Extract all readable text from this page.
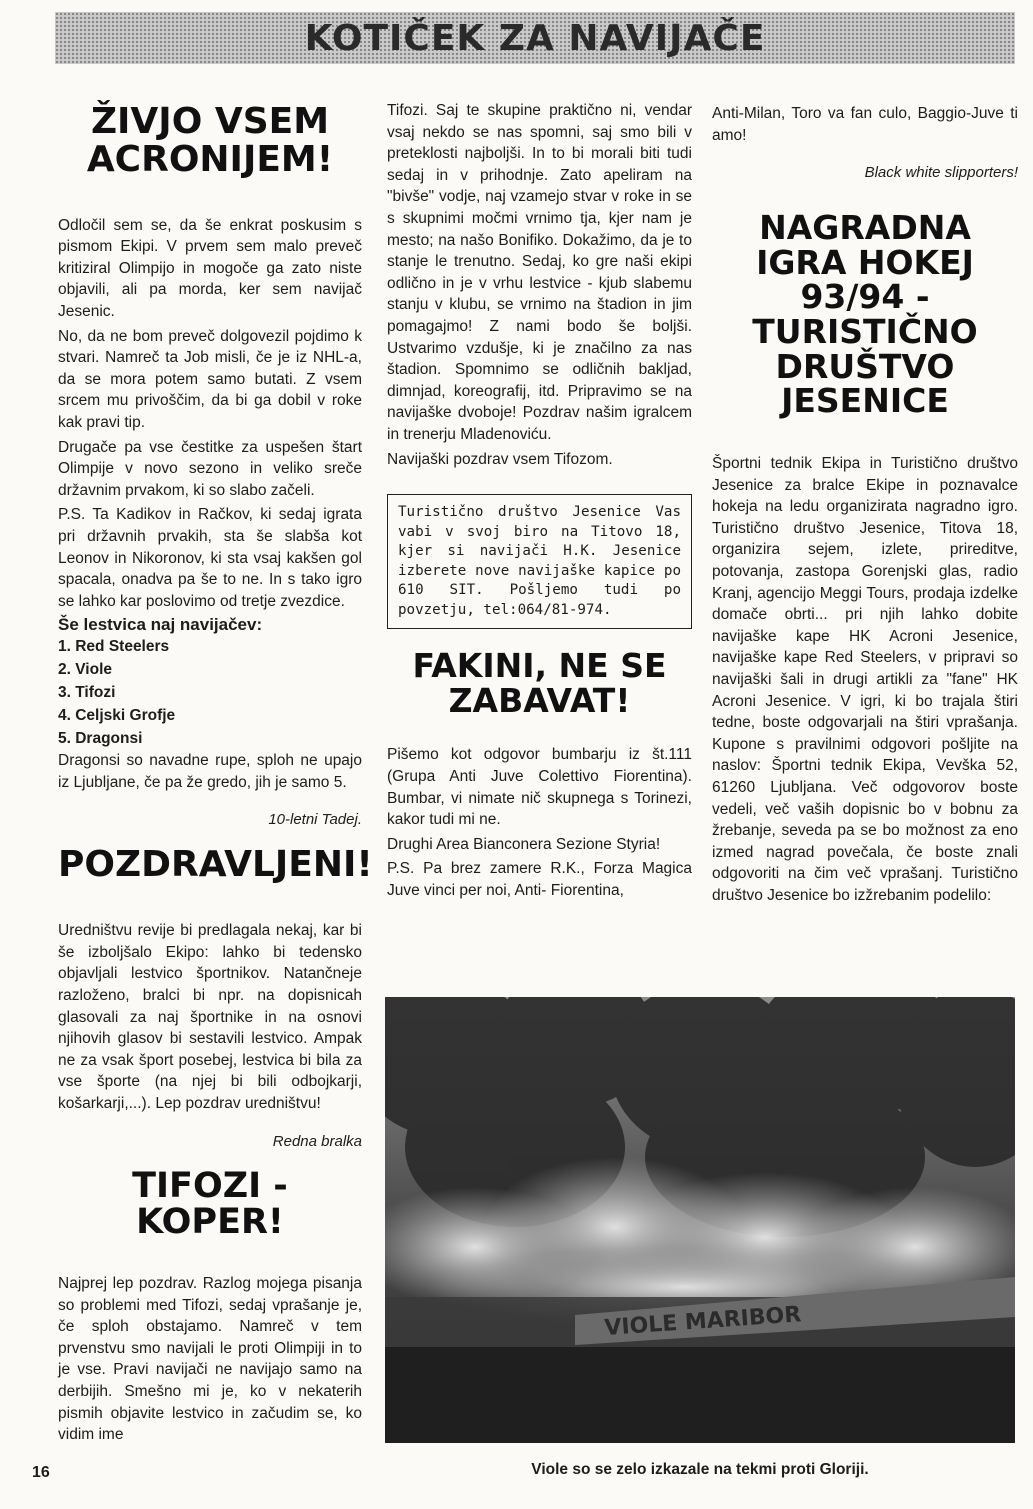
KOTIČEK ZA NAVIJAČE
ŽIVJO VSEM ACRONIJEM!

Odločil sem se, da še enkrat poskusim s pismom Ekipi. V prvem sem malo preveč kritiziral Olimpijo in mogoče ga zato niste objavili, ali pa morda, ker sem navijač Jesenic.

No, da ne bom preveč dolgovezil pojdimo k stvari. Namreč ta Job misli, če je iz NHL-a, da se mora potem samo butati. Z vsem srcem mu privoščim, da bi ga dobil v roke kak pravi tip.

Drugače pa vse čestitke za uspešen štart Olimpije v novo sezono in veliko sreče državnim prvakom, ki so slabo začeli.

P.S. Ta Kadikov in Račkov, ki sedaj igrata pri državnih prvakih, sta še slabša kot Leonov in Nikoronov, ki sta vsaj kakšen gol spacala, onadva pa še to ne. In s tako igro se lahko kar poslovimo od tretje zvezdice.

Še lestvica naj navijačev:
1. Red Steelers
2. Viole
3. Tifozi
4. Celjski Grofje
5. Dragonsi

Dragonsi so navadne rupe, sploh ne upajo iz Ljubljane, če pa že gredo, jih je samo 5.

10-letni Tadej.
POZDRAVLJENI!

Uredništvu revije bi predlagala nekaj, kar bi še izboljšalo Ekipo: lahko bi tedensko objavljali lestvico športnikov. Natančneje razloženo, bralci bi npr. na dopisnicah glasovali za naj športnike in na osnovi njihovih glasov bi sestavili lestvico. Ampak ne za vsak šport posebej, lestvica bi bila za vse športe (na njej bi bili odbojkarji, košarkarji,...). Lep pozdrav uredništvu!

Redna bralka
TIFOZI - KOPER!

Najprej lep pozdrav. Razlog mojega pisanja so problemi med Tifozi, sedaj vprašanje je, če sploh obstajamo. Namreč v tem prvenstvu smo navijali le proti Olimpiji in to je vse. Pravi navijači ne navijajo samo na derbijih. Smešno mi je, ko v nekaterih pismih objavite lestvico in začudim se, ko vidim ime

Tifozi. Saj te skupine praktično ni, vendar vsaj nekdo se nas spomni, saj smo bili v preteklosti najboljši. In to bi morali biti tudi sedaj in v prihodnje. Zato apeliram na "bivše" vodje, naj vzamejo stvar v roke in se s skupnimi močmi vrnimo tja, kjer nam je mesto; na našo Bonifiko. Dokažimo, da je to stanje le trenutno. Sedaj, ko gre naši ekipi odlično in je v vrhu lestvice - kjub slabemu stanju v klubu, se vrnimo na štadion in jim pomagajmo! Z nami bodo še boljši. Ustvarimo vzdušje, ki je značilno za nas štadion. Spomnimo se odličnih bakljad, dimnjad, koreografij, itd. Pripravimo se na navijaške dvoboje! Pozdrav našim igralcem in trenerju Mladenoviću.

Navijaški pozdrav vsem Tifozom.

Turistično društvo Jesenice Vas vabi v svoj biro na Titovo 18, kjer si navijači H.K. Jesenice izberete nove navijaške kapice po 610 SIT. Pošljemo tudi po povzetju, tel:064/81-974.
FAKINI, NE SE ZABAVAT!

Pišemo kot odgovor bumbarju iz št.111 (Grupa Anti Juve Colettivo Fiorentina). Bumbar, vi nimate nič skupnega s Torinezi, kakor tudi mi ne.

Drughi Area Bianconera Sezione Styria!

P.S. Pa brez zamere R.K., Forza Magica Juve vinci per noi, Anti- Fiorentina,

Anti-Milan, Toro va fan culo, Baggio-Juve ti amo!

Black white slipporters!
NAGRADNA IGRA HOKEJ 93/94 - TURISTIČNO DRUŠTVO JESENICE

Športni tednik Ekipa in Turistično društvo Jesenice za bralce Ekipe in poznavalce hokeja na ledu organizirata nagradno igro. Turistično društvo Jesenice, Titova 18, organizira sejem, izlete, prireditve, potovanja, zastopa Gorenjski glas, radio Kranj, agencijo Meggi Tours, prodaja izdelke domače obrti... pri njih lahko dobite navijaške kape HK Acroni Jesenice, navijaške kape Red Steelers, v pripravi so navijaški šali in drugi artikli za "fane" HK Acroni Jesenice. V igri, ki bo trajala štiri tedne, boste odgovarjali na štiri vprašanja. Kupone s pravilnimi odgovori pošljite na naslov: Športni tednik Ekipa, Vevška 52, 61260 Ljubljana. Več odgovorov boste vedeli, več vaših dopisnic bo v bobnu za žrebanje, seveda pa se bo možnost za eno izmed nagrad povečala, če boste znali odgovoriti na čim več vprašanj. Turistično društvo Jesenice bo izžrebanim podelilo:

VIOLE MARIBOR
Viole so se zelo izkazale na tekmi proti Gloriji.
16
